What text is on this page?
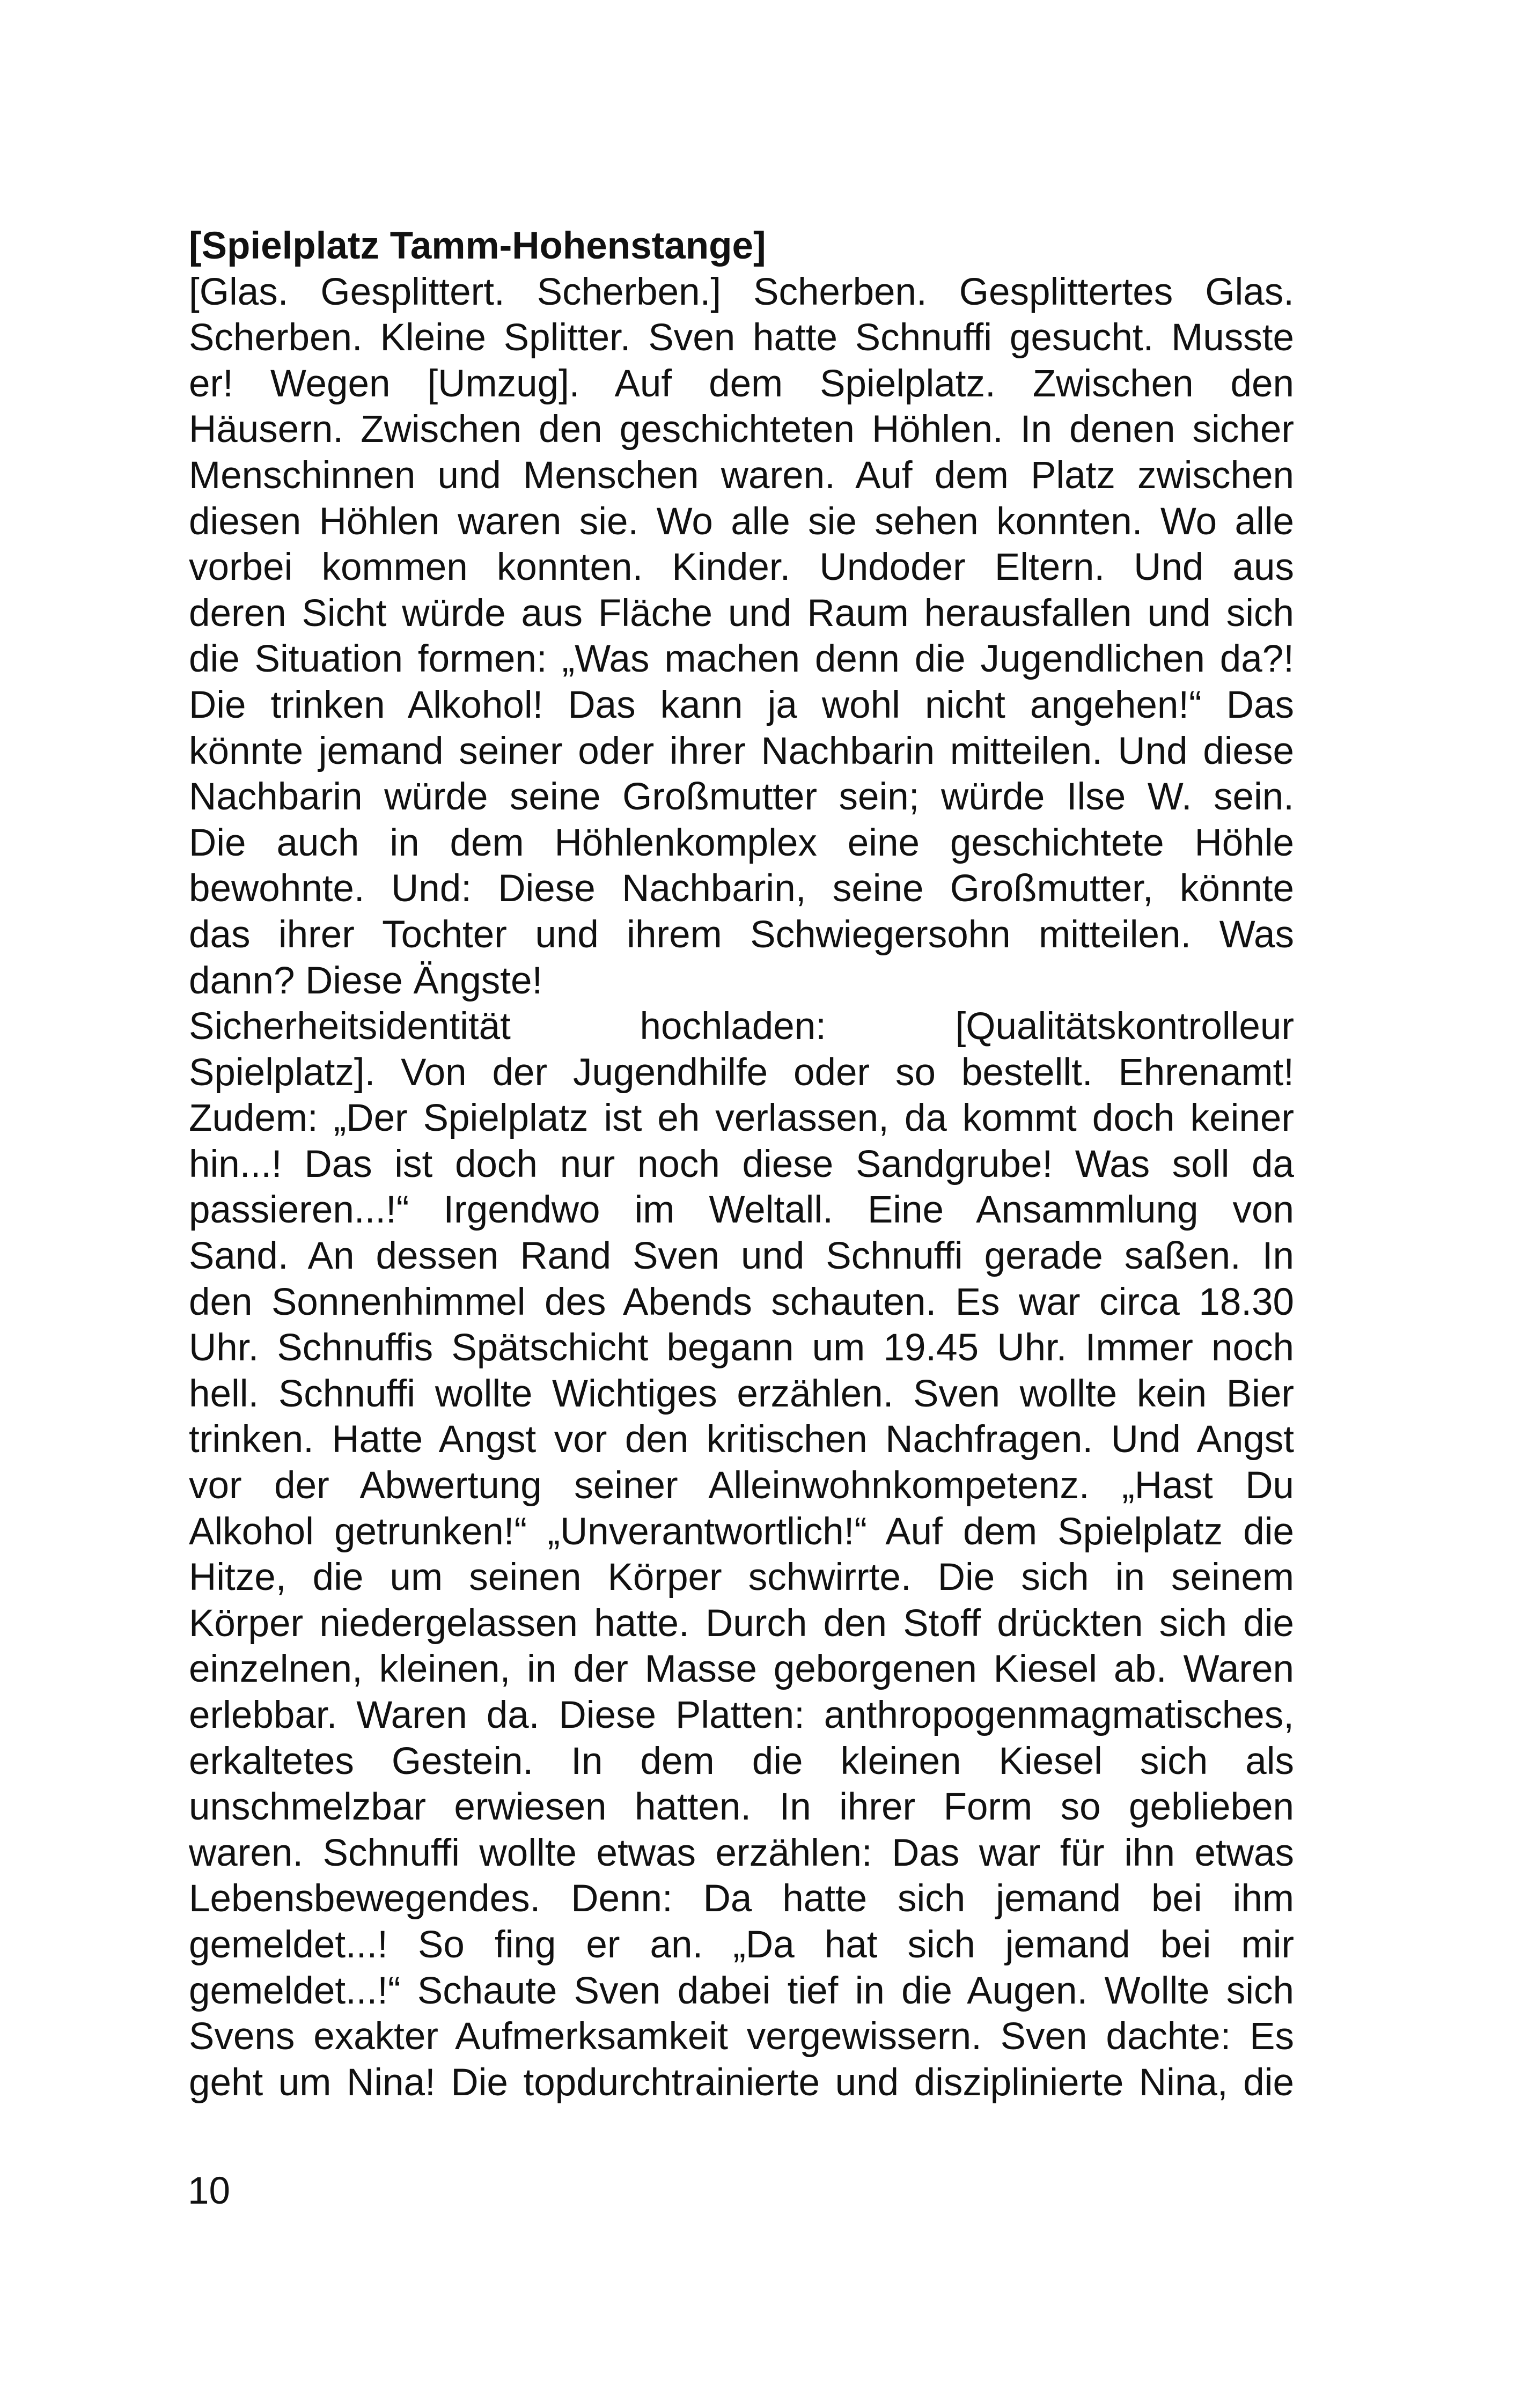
[Spielplatz Tamm-Hohenstange]
[Glas. Gesplittert. Scherben.] Scherben. Gesplittertes Glas.
Scherben. Kleine Splitter. Sven hatte Schnuffi gesucht. Musste
er! Wegen [Umzug]. Auf dem Spielplatz. Zwischen den
Häusern. Zwischen den geschichteten Höhlen. In denen sicher
Menschinnen und Menschen waren. Auf dem Platz zwischen
diesen Höhlen waren sie. Wo alle sie sehen konnten. Wo alle
vorbei kommen konnten. Kinder. Undoder Eltern. Und aus
deren Sicht würde aus Fläche und Raum herausfallen und sich
die Situation formen: „Was machen denn die Jugendlichen da?!
Die trinken Alkohol! Das kann ja wohl nicht angehen!“ Das
könnte jemand seiner oder ihrer Nachbarin mitteilen. Und diese
Nachbarin würde seine Großmutter sein; würde Ilse W. sein.
Die auch in dem Höhlenkomplex eine geschichtete Höhle
bewohnte. Und: Diese Nachbarin, seine Großmutter, könnte
das ihrer Tochter und ihrem Schwiegersohn mitteilen. Was
dann? Diese Ängste!
Sicherheitsidentität hochladen: [Qualitätskontrolleur
Spielplatz]. Von der Jugendhilfe oder so bestellt. Ehrenamt!
Zudem: „Der Spielplatz ist eh verlassen, da kommt doch keiner
hin...! Das ist doch nur noch diese Sandgrube! Was soll da
passieren...!“ Irgendwo im Weltall. Eine Ansammlung von
Sand. An dessen Rand Sven und Schnuffi gerade saßen. In
den Sonnenhimmel des Abends schauten. Es war circa 18.30
Uhr. Schnuffis Spätschicht begann um 19.45 Uhr. Immer noch
hell. Schnuffi wollte Wichtiges erzählen. Sven wollte kein Bier
trinken. Hatte Angst vor den kritischen Nachfragen. Und Angst
vor der Abwertung seiner Alleinwohnkompetenz. „Hast Du
Alkohol getrunken!“ „Unverantwortlich!“ Auf dem Spielplatz die
Hitze, die um seinen Körper schwirrte. Die sich in seinem
Körper niedergelassen hatte. Durch den Stoff drückten sich die
einzelnen, kleinen, in der Masse geborgenen Kiesel ab. Waren
erlebbar. Waren da. Diese Platten: anthropogenmagmatisches,
erkaltetes Gestein. In dem die kleinen Kiesel sich als
unschmelzbar erwiesen hatten. In ihrer Form so geblieben
waren. Schnuffi wollte etwas erzählen: Das war für ihn etwas
Lebensbewegendes. Denn: Da hatte sich jemand bei ihm
gemeldet...! So fing er an. „Da hat sich jemand bei mir
gemeldet...!“ Schaute Sven dabei tief in die Augen. Wollte sich
Svens exakter Aufmerksamkeit vergewissern. Sven dachte: Es
geht um Nina! Die topdurchtrainierte und disziplinierte Nina, die
10
